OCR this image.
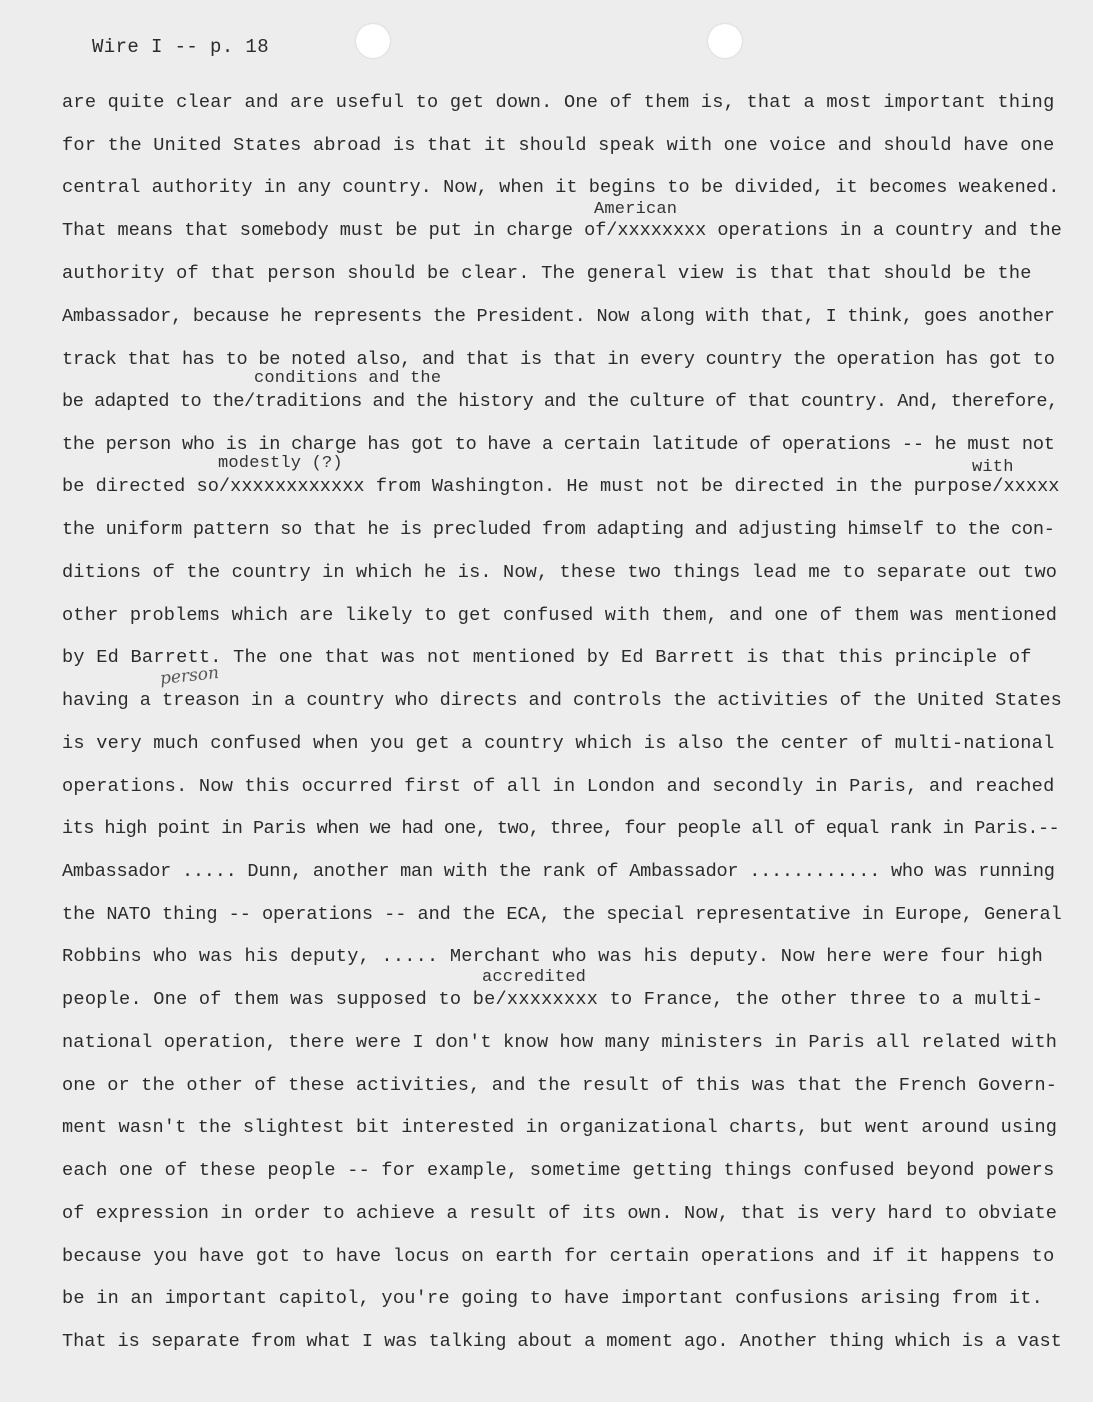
Wire I -- p. 18
American
conditions and the
modestly (?)	with
accredited
person
are quite clear and are useful to get down. One of them is, that a most important thing
for the United States abroad is that it should speak with one voice and should have one
central authority in any country. Now, when it begins to be divided, it becomes weakened.
That means that somebody must be put in charge of/xxxxxxxx operations in a country and the
authority of that person should be clear. The general view is that that should be the
Ambassador, because he represents the President. Now along with that, I think, goes another
track that has to be noted also, and that is that in every country the operation has got to
be adapted to the/traditions and the history and the culture of that country. And, therefore,
the person who is in charge has got to have a certain latitude of operations -- he must not
be directed so/xxxxxxxxxxxx from Washington. He must not be directed in the purpose/xxxxx
the uniform pattern so that he is precluded from adapting and adjusting himself to the con-
ditions of the country in which he is. Now, these two things lead me to separate out two
other problems which are likely to get confused with them, and one of them was mentioned
by Ed Barrett. The one that was not mentioned by Ed Barrett is that this principle of
having a treason in a country who directs and controls the activities of the United States
is very much confused when you get a country which is also the center of multi-national
operations. Now this occurred first of all in London and secondly in Paris, and reached
its high point in Paris when we had one, two, three, four people all of equal rank in Paris.--
Ambassador ..... Dunn, another man with the rank of Ambassador ............ who was running
the NATO thing -- operations -- and the ECA, the special representative in Europe, General
Robbins who was his deputy, ..... Merchant who was his deputy. Now here were four high
people. One of them was supposed to be/xxxxxxxx to France, the other three to a multi-
national operation, there were I don't know how many ministers in Paris all related with
one or the other of these activities, and the result of this was that the French Govern-
ment wasn't the slightest bit interested in organizational charts, but went around using
each one of these people -- for example, sometime getting things confused beyond powers
of expression in order to achieve a result of its own. Now, that is very hard to obviate
because you have got to have locus on earth for certain operations and if it happens to
be in an important capitol, you're going to have important confusions arising from it.
That is separate from what I was talking about a moment ago. Another thing which is a vast
